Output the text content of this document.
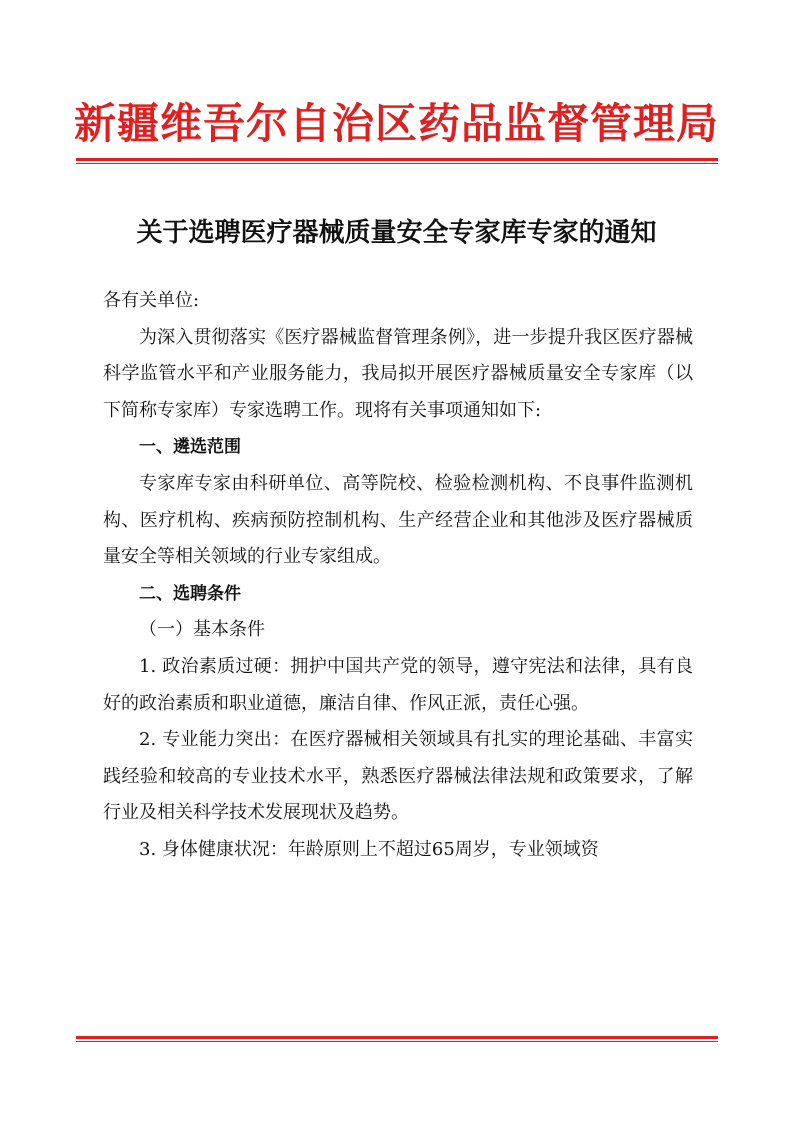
新疆维吾尔自治区药品监督管理局
关于选聘医疗器械质量安全专家库专家的通知

各有关单位:

为深入贯彻落实《医疗器械监督管理条例》，进一步提升我区医疗器械科学监管水平和产业服务能力，我局拟开展医疗器械质量安全专家库（以下简称专家库）专家选聘工作。现将有关事项通知如下:

一、遴选范围

专家库专家由科研单位、高等院校、检验检测机构、不良事件监测机构、医疗机构、疾病预防控制机构、生产经营企业和其他涉及医疗器械质量安全等相关领域的行业专家组成。

二、选聘条件

（一）基本条件

1. 政治素质过硬：拥护中国共产党的领导，遵守宪法和法律，具有良好的政治素质和职业道德，廉洁自律、作风正派，责任心强。

2. 专业能力突出：在医疗器械相关领域具有扎实的理论基础、丰富实践经验和较高的专业技术水平，熟悉医疗器械法律法规和政策要求，了解行业及相关科学技术发展现状及趋势。

3. 身体健康状况：年龄原则上不超过65周岁，专业领域资
